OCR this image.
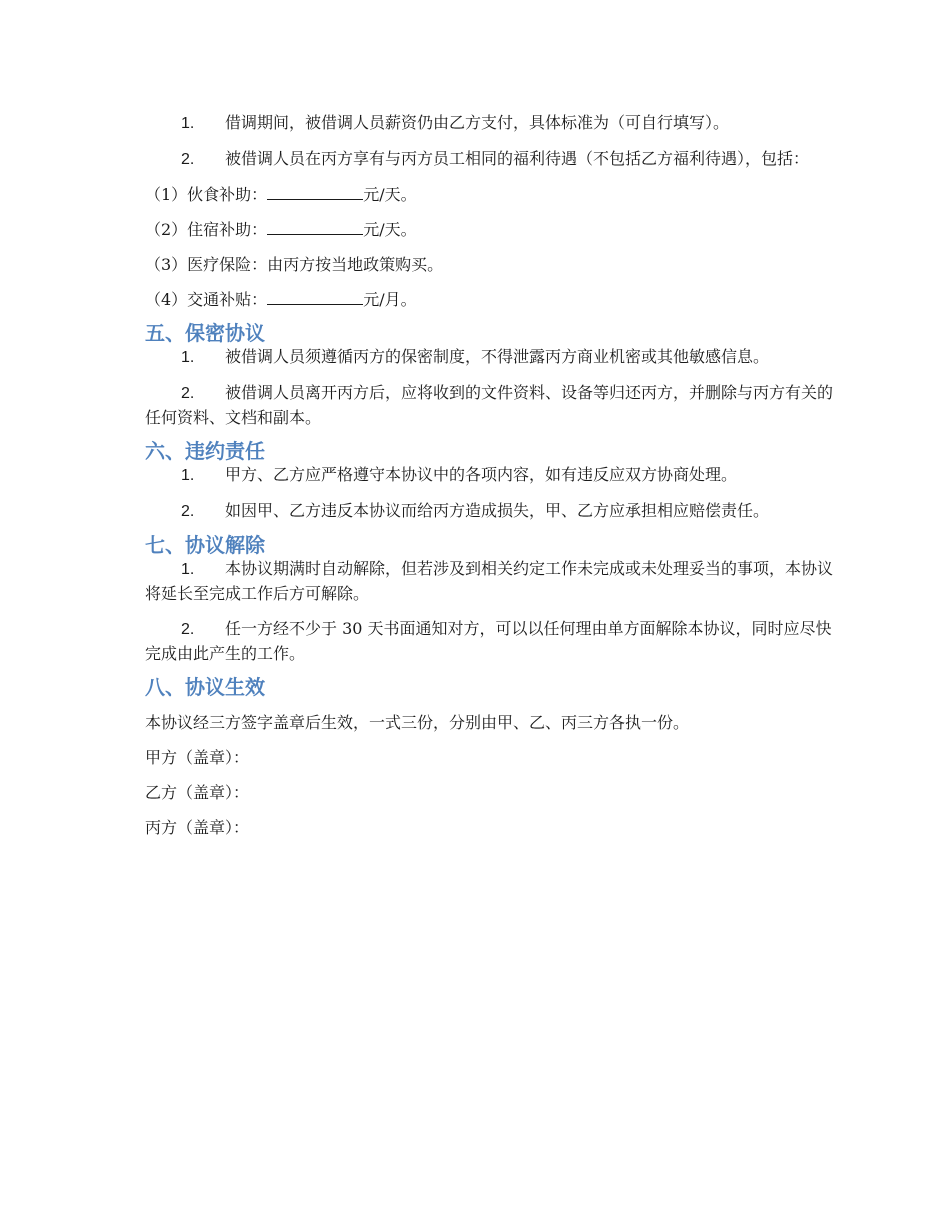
1. 借调期间，被借调人员薪资仍由乙方支付，具体标准为（可自行填写）。

2. 被借调人员在丙方享有与丙方员工相同的福利待遇（不包括乙方福利待遇），包括：

（1）伙食补助：	元/天。

（2）住宿补助：	元/天。

（3）医疗保险：由丙方按当地政策购买。

（4）交通补贴：	元/月。

五、保密协议

1. 被借调人员须遵循丙方的保密制度，不得泄露丙方商业机密或其他敏感信息。

2. 被借调人员离开丙方后，应将收到的文件资料、设备等归还丙方，并删除与丙方有关的任何资料、文档和副本。

六、违约责任

1. 甲方、乙方应严格遵守本协议中的各项内容，如有违反应双方协商处理。

2. 如因甲、乙方违反本协议而给丙方造成损失，甲、乙方应承担相应赔偿责任。

七、协议解除

1. 本协议期满时自动解除，但若涉及到相关约定工作未完成或未处理妥当的事项，本协议将延长至完成工作后方可解除。

2. 任一方经不少于 30 天书面通知对方，可以以任何理由单方面解除本协议，同时应尽快完成由此产生的工作。

八、协议生效

本协议经三方签字盖章后生效，一式三份，分别由甲、乙、丙三方各执一份。

甲方（盖章）：

乙方（盖章）：

丙方（盖章）：
